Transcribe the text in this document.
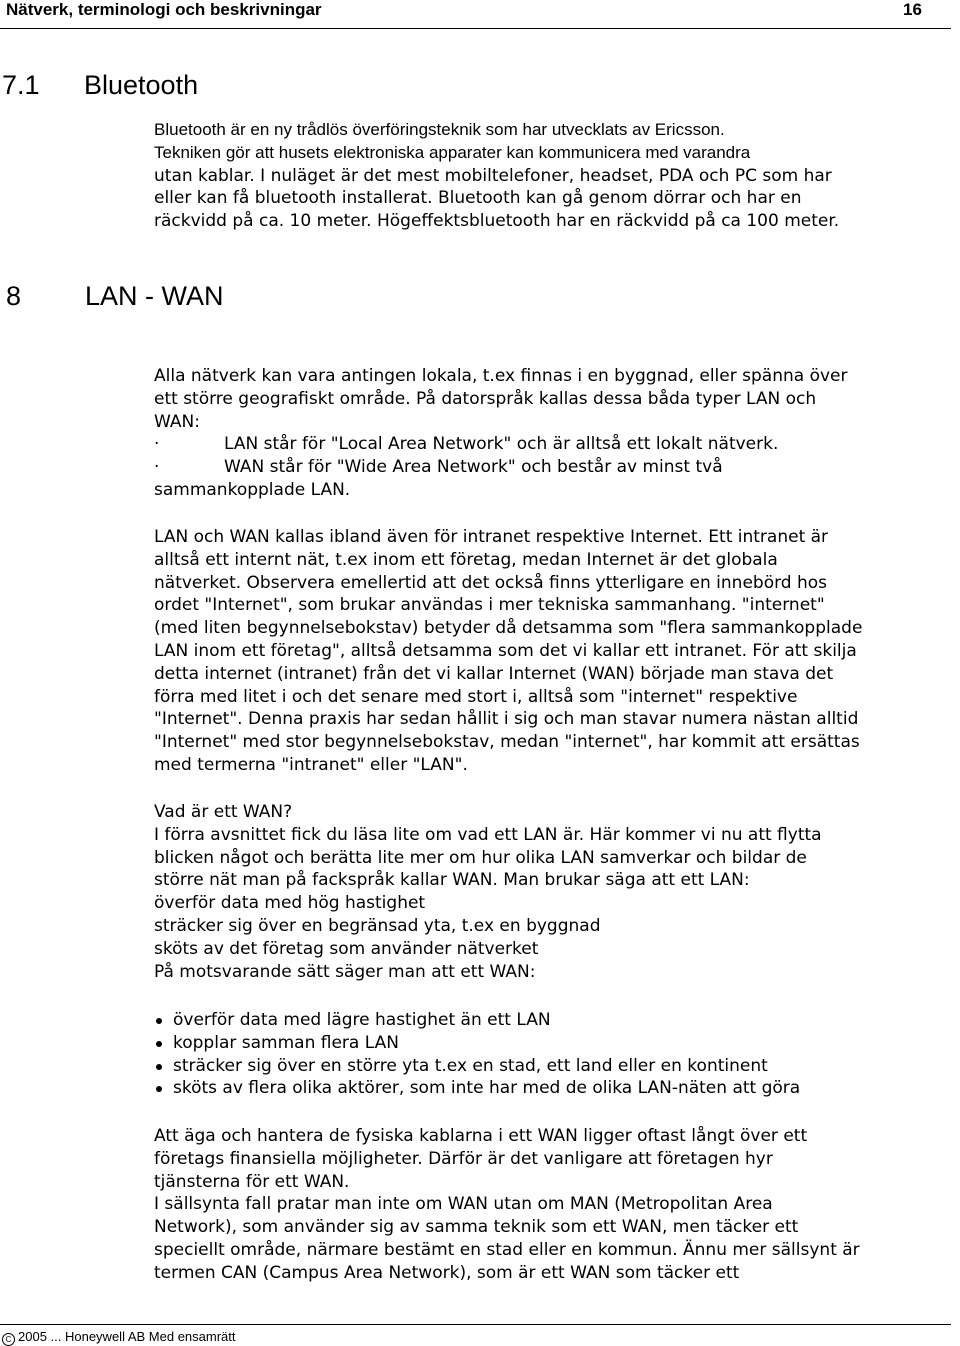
Nätverk, terminologi och beskrivningar	16
7.1 Bluetooth
Bluetooth är en ny trådlös överföringsteknik som har utvecklats av Ericsson.
Tekniken gör att husets elektroniska apparater kan kommunicera med varandra
utan kablar. I nuläget är det mest mobiltelefoner, headset, PDA och PC som har
eller kan få bluetooth installerat. Bluetooth kan gå genom dörrar och har en
räckvidd på ca. 10 meter. Högeffektsbluetooth har en räckvidd på ca 100 meter.
8 LAN - WAN
Alla nätverk kan vara antingen lokala, t.ex finnas i en byggnad, eller spänna över
ett större geografiskt område. På datorspråk kallas dessa båda typer LAN och
WAN:
·	LAN står för "Local Area Network" och är alltså ett lokalt nätverk.
·	WAN står för "Wide Area Network" och består av minst två
sammankopplade LAN.
LAN och WAN kallas ibland även för intranet respektive Internet. Ett intranet är
alltså ett internt nät, t.ex inom ett företag, medan Internet är det globala
nätverket. Observera emellertid att det också finns ytterligare en innebörd hos
ordet "Internet", som brukar användas i mer tekniska sammanhang. "internet"
(med liten begynnelsebokstav) betyder då detsamma som "flera sammankopplade
LAN inom ett företag", alltså detsamma som det vi kallar ett intranet. För att skilja
detta internet (intranet) från det vi kallar Internet (WAN) började man stava det
förra med litet i och det senare med stort i, alltså som "internet" respektive
"Internet". Denna praxis har sedan hållit i sig och man stavar numera nästan alltid
"Internet" med stor begynnelsebokstav, medan "internet", har kommit att ersättas
med termerna "intranet" eller "LAN".
Vad är ett WAN?
I förra avsnittet fick du läsa lite om vad ett LAN är. Här kommer vi nu att flytta
blicken något och berätta lite mer om hur olika LAN samverkar och bildar de
större nät man på fackspråk kallar WAN. Man brukar säga att ett LAN:
överför data med hög hastighet
sträcker sig över en begränsad yta, t.ex en byggnad
sköts av det företag som använder nätverket
På motsvarande sätt säger man att ett WAN:
överför data med lägre hastighet än ett LAN
kopplar samman flera LAN
sträcker sig över en större yta t.ex en stad, ett land eller en kontinent
sköts av flera olika aktörer, som inte har med de olika LAN-näten att göra
Att äga och hantera de fysiska kablarna i ett WAN ligger oftast långt över ett
företags finansiella möjligheter. Därför är det vanligare att företagen hyr
tjänsterna för ett WAN.
I sällsynta fall pratar man inte om WAN utan om MAN (Metropolitan Area
Network), som använder sig av samma teknik som ett WAN, men täcker ett
speciellt område, närmare bestämt en stad eller en kommun. Ännu mer sällsynt är
termen CAN (Campus Area Network), som är ett WAN som täcker ett
C 2005 ... Honeywell AB Med ensamrätt
